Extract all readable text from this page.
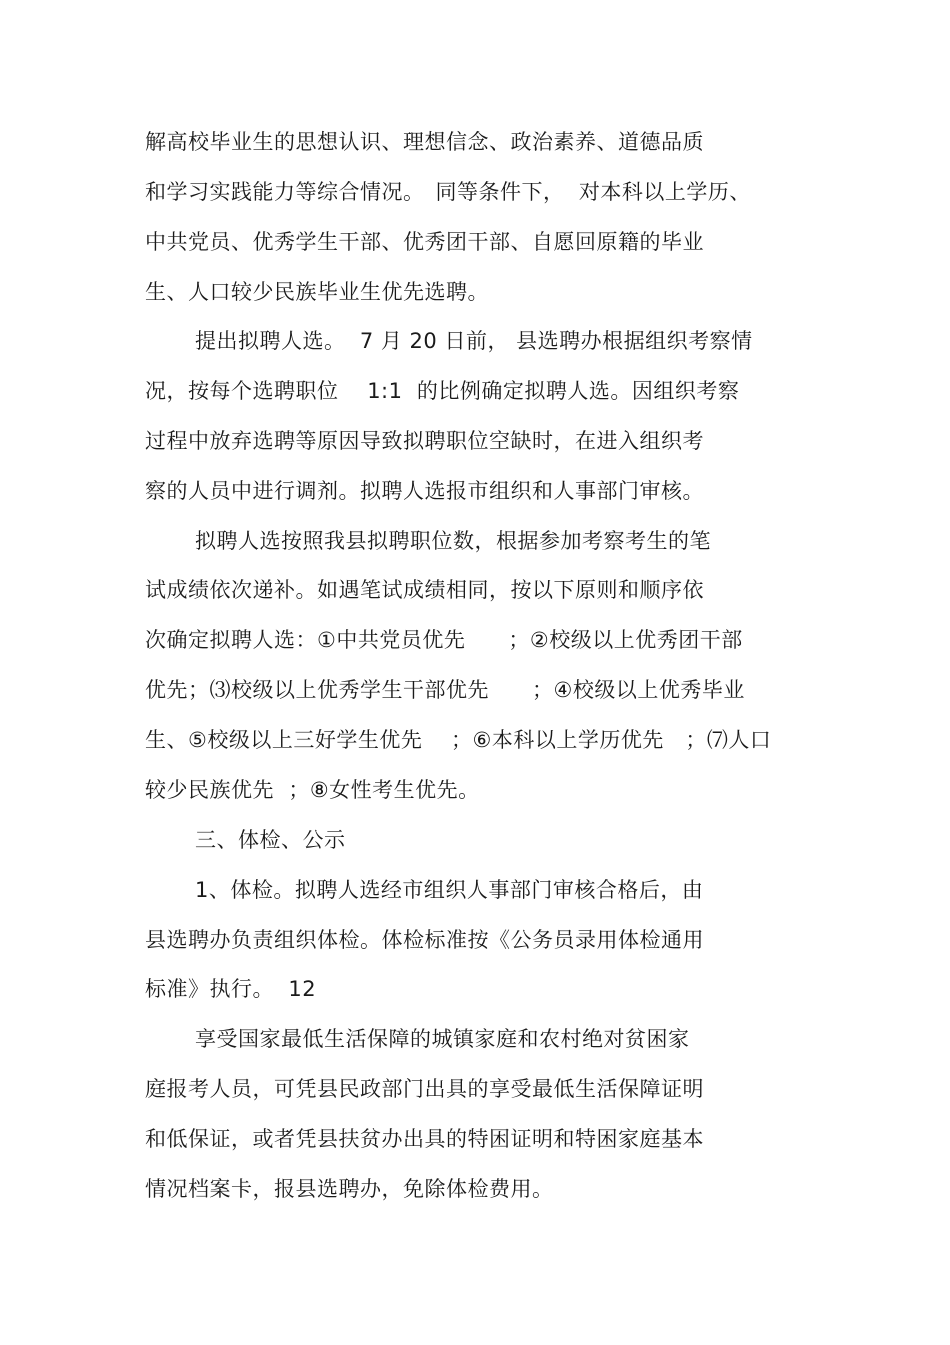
解高校毕业生的思想认识、理想信念、政治素养、道德品质
和学习实践能力等综合情况。　同等条件下，  对本科以上学历、
中共党员、优秀学生干部、优秀团干部、自愿回原籍的毕业
生、人口较少民族毕业生优先选聘。
提出拟聘人选。  7 月 20 日前， 县选聘办根据组织考察情
况，按每个选聘职位    1:1  的比例确定拟聘人选。因组织考察
过程中放弃选聘等原因导致拟聘职位空缺时，在进入组织考
察的人员中进行调剂。拟聘人选报市组织和人事部门审核。
拟聘人选按照我县拟聘职位数，根据参加考察考生的笔
试成绩依次递补。如遇笔试成绩相同，按以下原则和顺序依
次确定拟聘人选：①中共党员优先      ；②校级以上优秀团干部
优先；⑶校级以上优秀学生干部优先      ；④校级以上优秀毕业
生、⑤校级以上三好学生优先    ；⑥本科以上学历优先   ；⑺人口
较少民族优先  ；⑧女性考生优先。
三、体检、公示
1、体检。拟聘人选经市组织人事部门审核合格后，由
县选聘办负责组织体检。体检标准按《公务员录用体检通用
标准》执行。  12
享受国家最低生活保障的城镇家庭和农村绝对贫困家
庭报考人员，可凭县民政部门出具的享受最低生活保障证明
和低保证，或者凭县扶贫办出具的特困证明和特困家庭基本
情况档案卡，报县选聘办，免除体检费用。
